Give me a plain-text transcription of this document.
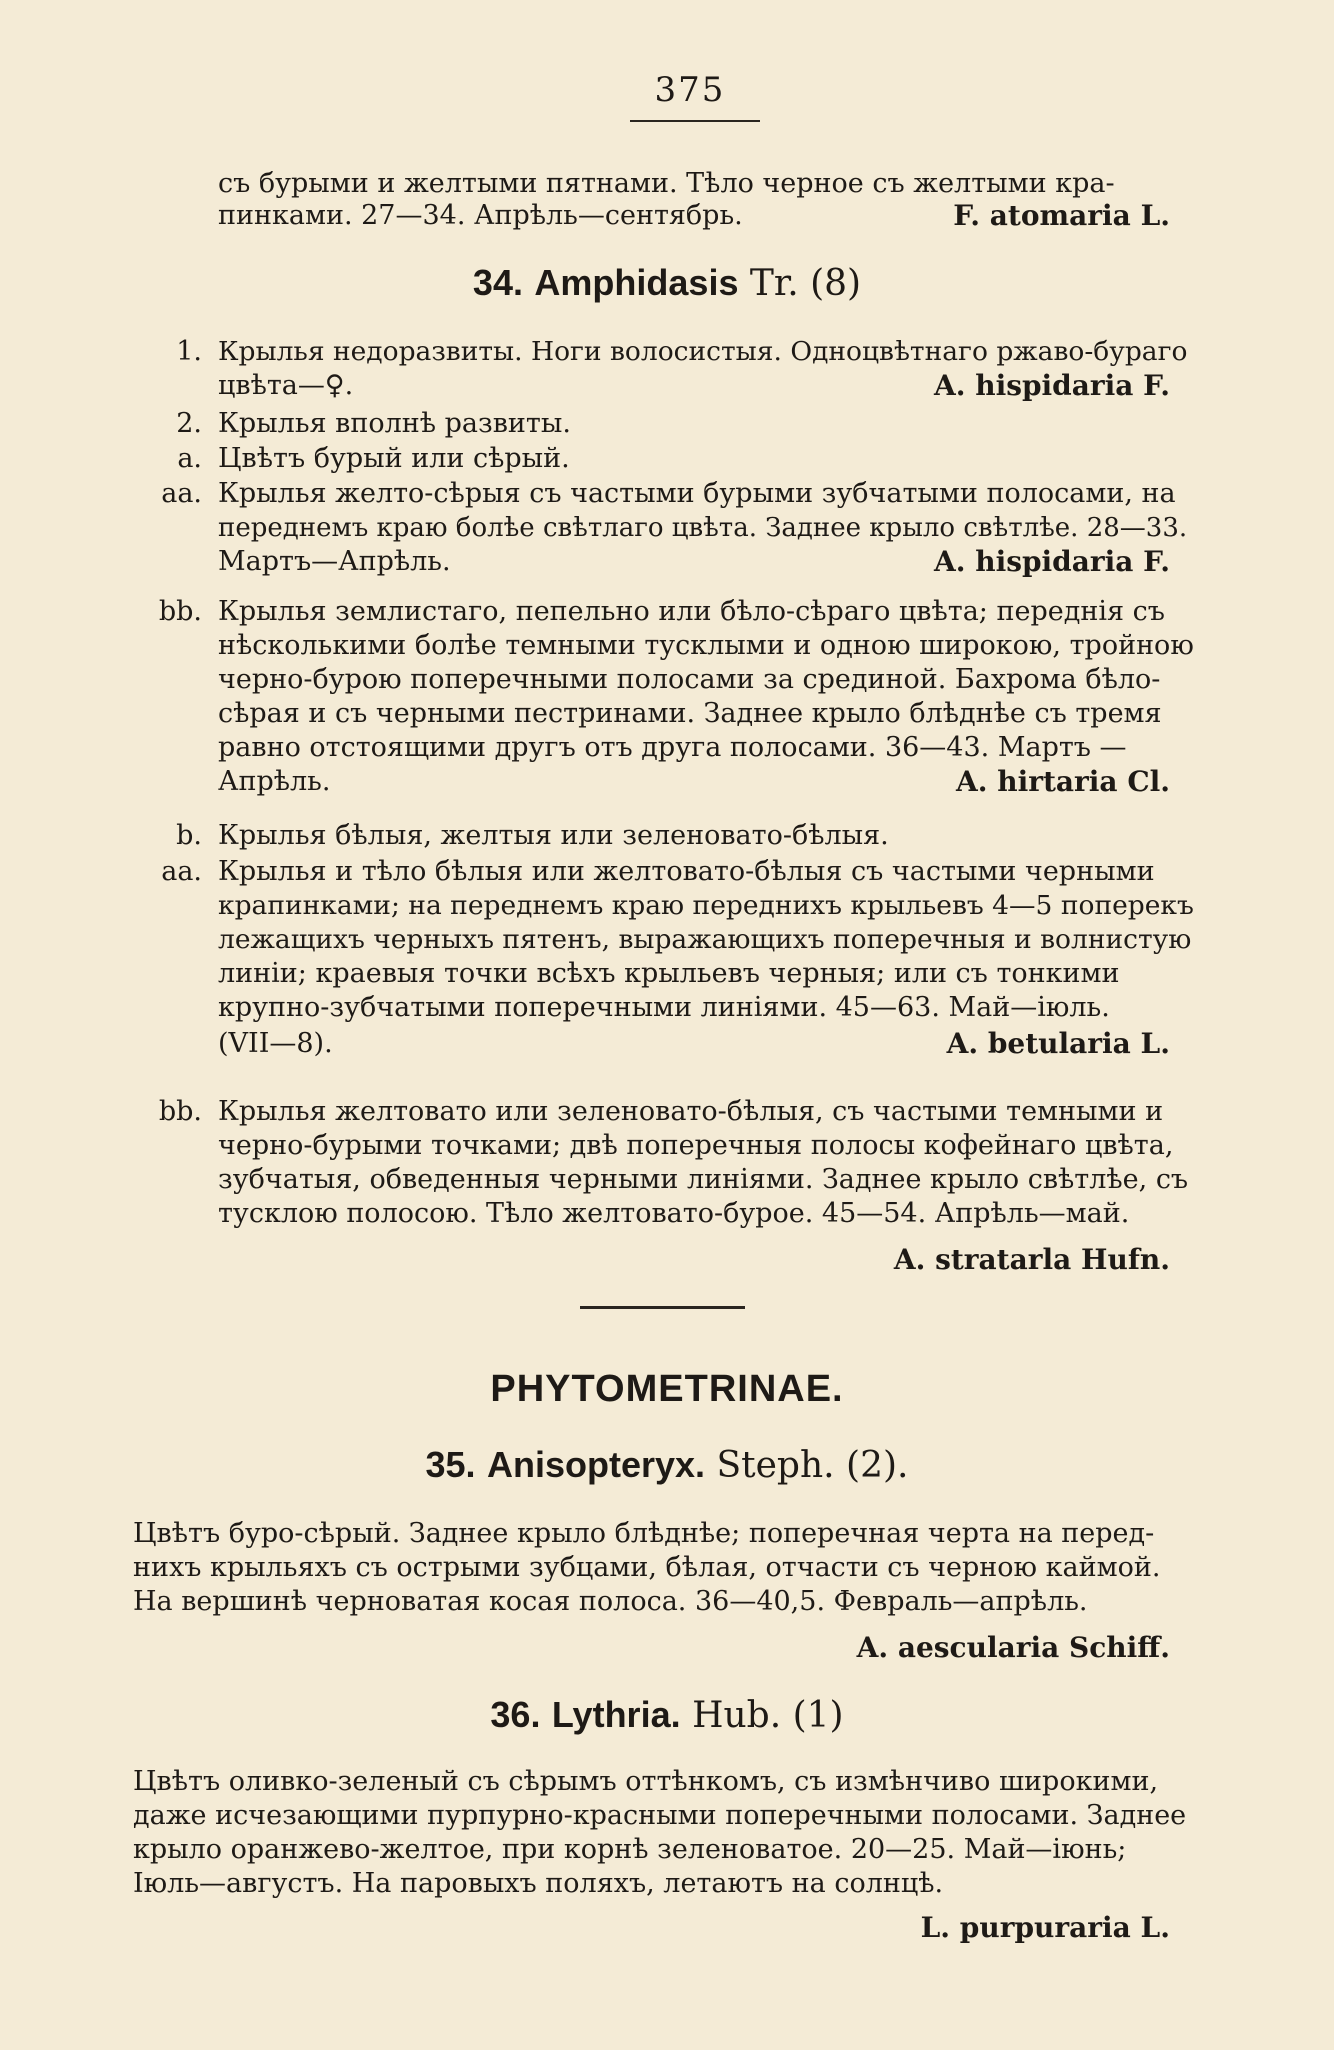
375
съ бурыми и желтыми пятнами. Тѣло черное съ желтыми кра-
пинками. 27—34. Апрѣль—сентябрь.	F. atomaria L.
34. Amphidasis Tr. (8)
1. Крылья недоразвиты. Ноги волосистыя. Одноцвѣтнаго ржаво-бураго
цвѣта—♀.	A. hispidaria F.
2. Крылья вполнѣ развиты.
а. Цвѣтъ бурый или сѣрый.
аа. Крылья желто-сѣрыя съ частыми бурыми зубчатыми полосами, на
переднемъ краю болѣе свѣтлаго цвѣта. Заднее крыло свѣтлѣе. 28—33.
Мартъ—Апрѣль.	A. hispidaria F.
bb. Крылья землистаго, пепельно или бѣло-сѣраго цвѣта; переднія съ
нѣсколькими болѣе темными тусклыми и одною широкою, тройною
черно-бурою поперечными полосами за срединой. Бахрома бѣло-
сѣрая и съ черными пестринами. Заднее крыло блѣднѣе съ тремя
равно отстоящими другъ отъ друга полосами. 36—43. Мартъ —
Апрѣль.	A. hirtaria Cl.
b. Крылья бѣлыя, желтыя или зеленовато-бѣлыя.
аа. Крылья и тѣло бѣлыя или желтовато-бѣлыя съ частыми черными
крапинками; на переднемъ краю переднихъ крыльевъ 4—5 поперекъ
лежащихъ черныхъ пятенъ, выражающихъ поперечныя и волнистую
линіи; краевыя точки всѣхъ крыльевъ черныя; или съ тонкими
крупно-зубчатыми поперечными линіями. 45—63. Май—іюль.
(VII—8).	A. betularia L.
bb. Крылья желтовато или зеленовато-бѣлыя, съ частыми темными и
черно-бурыми точками; двѣ поперечныя полосы кофейнаго цвѣта,
зубчатыя, обведенныя черными линіями. Заднее крыло свѣтлѣе, съ
тусклою полосою. Тѣло желтовато-бурое. 45—54. Апрѣль—май.
A. stratarla Hufn.
PHYTOMETRINAE.
35. Anisopteryx. Steph. (2).
Цвѣтъ буро-сѣрый. Заднее крыло блѣднѣе; поперечная черта на перед-
нихъ крыльяхъ съ острыми зубцами, бѣлая, отчасти съ черною каймой.
На вершинѣ черноватая косая полоса. 36—40,5. Февраль—апрѣль.
A. aescularia Schiff.
36. Lythria. Hub. (1)
Цвѣтъ оливко-зеленый съ сѣрымъ оттѣнкомъ, съ измѣнчиво широкими,
даже исчезающими пурпурно-красными поперечными полосами. Заднее
крыло оранжево-желтое, при корнѣ зеленоватое. 20—25. Май—іюнь;
Іюль—августъ. На паровыхъ поляхъ, летаютъ на солнцѣ.
L. purpuraria L.
